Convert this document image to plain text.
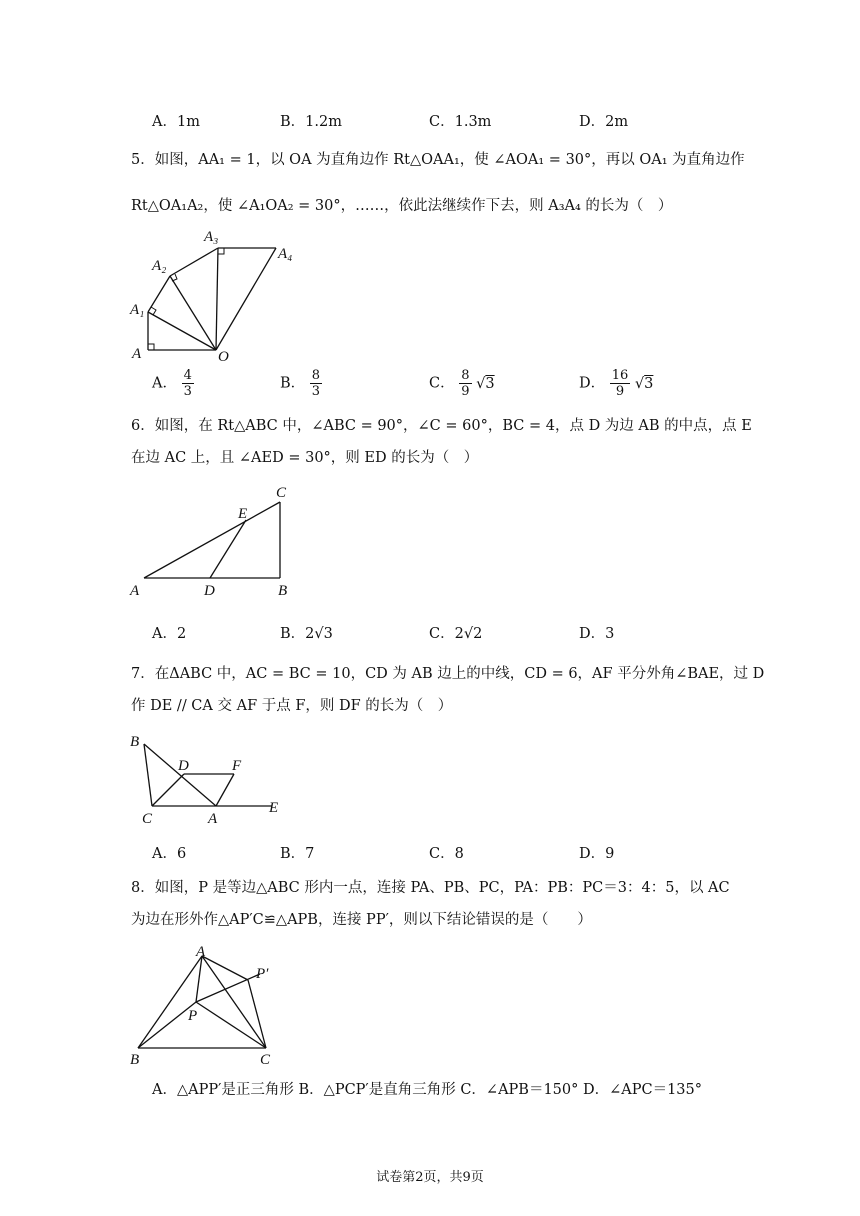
A．1m	B．1.2m	C．1.3m	D．2m
5．如图，AA₁ = 1，以 OA 为直角边作 Rt△OAA₁，使 ∠AOA₁ = 30°，再以 OA₁ 为直角边作
Rt△OA₁A₂，使 ∠A₁OA₂ = 30°，……，依此法继续作下去，则 A₃A₄ 的长为（　）
A
A₁
A₂
A₃
A₄
O
A． $\frac{4}{3}$	B． $\frac{8}{3}$	C． $\frac{8}{9} √3$	D． $\frac{16}{9} √3$
6．如图，在 Rt△ABC 中，∠ABC = 90°，∠C = 60°，BC = 4，点 D 为边 AB 的中点，点 E
在边 AC 上，且 ∠AED = 30°，则 ED 的长为（　）
A	D	B
C
E
A．2	B．2√3	C．2√2	D．3
7．在ΔABC 中，AC = BC = 10，CD 为 AB 边上的中线，CD = 6，AF 平分外角∠BAE，过 D
作 DE // CA 交 AF 于点 F，则 DF 的长为（　）
B
D	F
C	A
E
A．6	B．7	C．8	D．9
8．如图，P 是等边△ABC 形内一点，连接 PA、PB、PC，PA：PB：PC＝3：4：5，以 AC
为边在形外作△AP′C≌△APB，连接 PP′，则以下结论错误的是（　　）
A
P′
P
B	C
A．△APP′是正三角形 B．△PCP′是直角三角形 C．∠APB＝150° D．∠APC＝135°
试卷第2页，共9页
